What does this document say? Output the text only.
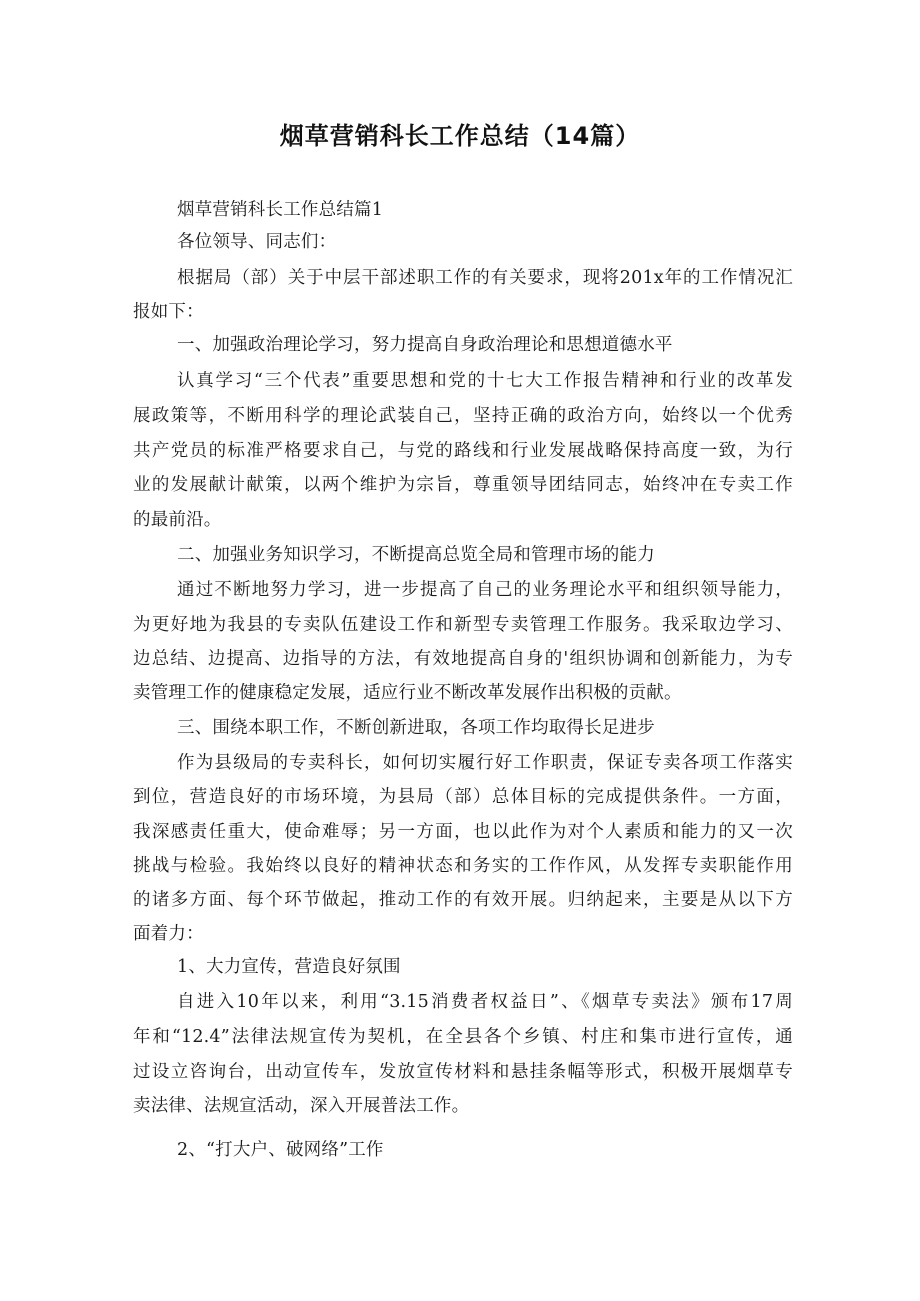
烟草营销科长工作总结（14篇）
烟草营销科长工作总结篇1
各位领导、同志们：
根据局（部）关于中层干部述职工作的有关要求，现将201x年的工作情况汇
报如下：
一、加强政治理论学习，努力提高自身政治理论和思想道德水平
认真学习“三个代表”重要思想和党的十七大工作报告精神和行业的改革发
展政策等，不断用科学的理论武装自己，坚持正确的政治方向，始终以一个优秀
共产党员的标准严格要求自己，与党的路线和行业发展战略保持高度一致，为行
业的发展献计献策，以两个维护为宗旨，尊重领导团结同志，始终冲在专卖工作
的最前沿。
二、加强业务知识学习，不断提高总览全局和管理市场的能力
通过不断地努力学习，进一步提高了自己的业务理论水平和组织领导能力，
为更好地为我县的专卖队伍建设工作和新型专卖管理工作服务。我采取边学习、
边总结、边提高、边指导的方法，有效地提高自身的'组织协调和创新能力，为专
卖管理工作的健康稳定发展，适应行业不断改革发展作出积极的贡献。
三、围绕本职工作，不断创新进取，各项工作均取得长足进步
作为县级局的专卖科长，如何切实履行好工作职责，保证专卖各项工作落实
到位，营造良好的市场环境，为县局（部）总体目标的完成提供条件。一方面，
我深感责任重大，使命难辱；另一方面，也以此作为对个人素质和能力的又一次
挑战与检验。我始终以良好的精神状态和务实的工作作风，从发挥专卖职能作用
的诸多方面、每个环节做起，推动工作的有效开展。归纳起来，主要是从以下方
面着力：
1、大力宣传，营造良好氛围
自进入10年以来，利用“3.15消费者权益日”、《烟草专卖法》颁布17周
年和“12.4”法律法规宣传为契机，在全县各个乡镇、村庄和集市进行宣传，通
过设立咨询台，出动宣传车，发放宣传材料和悬挂条幅等形式，积极开展烟草专
卖法律、法规宣活动，深入开展普法工作。
2、“打大户、破网络”工作
